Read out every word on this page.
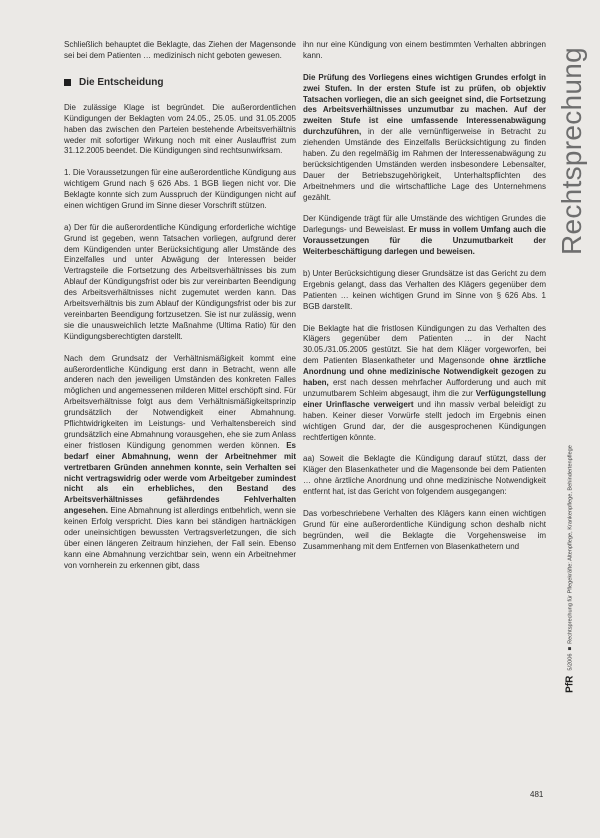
Schließlich behauptet die Beklagte, das Ziehen der Magensonde sei bei dem Patienten … medizinisch nicht geboten gewesen.

Die Entscheidung

Die zulässige Klage ist begründet. Die außerordentlichen Kündigungen der Beklagten vom 24.05., 25.05. und 31.05.2005 haben das zwischen den Parteien bestehende Arbeitsverhältnis weder mit sofortiger Wirkung noch mit einer Auslauffrist zum 31.12.2005 beendet. Die Kündigungen sind rechtsunwirksam.

1. Die Voraussetzungen für eine außerordentliche Kündigung aus wichtigem Grund nach § 626 Abs. 1 BGB liegen nicht vor. Die Beklagte konnte sich zum Ausspruch der Kündigungen nicht auf einen wichtigen Grund im Sinne dieser Vorschrift stützen.

a) Der für die außerordentliche Kündigung erforderliche wichtige Grund ist gegeben, wenn Tatsachen vorliegen, aufgrund derer dem Kündigenden unter Berücksichtigung aller Umstände des Einzelfalles und unter Abwägung der Interessen beider Vertragsteile die Fortsetzung des Arbeitsverhältnisses bis zum Ablauf der Kündigungsfrist oder bis zur vereinbarten Beendigung des Arbeitsverhältnisses nicht zugemutet werden kann. Das Arbeitsverhältnis bis zum Ablauf der Kündigungsfrist oder bis zur vereinbarten Beendigung fortzusetzen. Sie ist nur zulässig, wenn sie die unausweichlich letzte Maßnahme (Ultima Ratio) für den Kündigungsberechtigten darstellt.

Nach dem Grundsatz der Verhältnismäßigkeit kommt eine außerordentliche Kündigung erst dann in Betracht, wenn alle anderen nach den jeweiligen Umständen des konkreten Falles möglichen und angemessenen milderen Mittel erschöpft sind. Für Arbeitsverhältnisse folgt aus dem Verhältnismäßigkeitsprinzip grundsätzlich der Notwendigkeit einer Abmahnung. Pflichtwidrigkeiten im Leistungs- und Verhaltensbereich sind grundsätzlich eine Abmahnung vorausgehen, ehe sie zum Anlass einer fristlosen Kündigung genommen werden können. Es bedarf einer Abmahnung, wenn der Arbeitnehmer mit vertretbaren Gründen annehmen konnte, sein Verhalten sei nicht vertragswidrig oder werde vom Arbeitgeber zumindest nicht als ein erhebliches, den Bestand des Arbeitsverhältnisses gefährdendes Fehlverhalten angesehen. Eine Abmahnung ist allerdings entbehrlich, wenn sie keinen Erfolg verspricht. Dies kann bei ständigen hartnäckigen oder uneinsichtigen bewussten Vertragsverletzungen, die sich über einen längeren Zeitraum hinziehen, der Fall sein. Ebenso kann eine Abmahnung verzichtbar sein, wenn ein Arbeitnehmer von vornherein zu erkennen gibt, dass

ihn nur eine Kündigung von einem bestimmten Verhalten abbringen kann.

Die Prüfung des Vorliegens eines wichtigen Grundes erfolgt in zwei Stufen. In der ersten Stufe ist zu prüfen, ob objektiv Tatsachen vorliegen, die an sich geeignet sind, die Fortsetzung des Arbeitsverhältnisses unzumutbar zu machen. Auf der zweiten Stufe ist eine umfassende Interessenabwägung durchzuführen, in der alle vernünftigerweise in Betracht zu ziehenden Umstände des Einzelfalls Berücksichtigung zu finden haben. Zu den regelmäßig im Rahmen der Interessenabwägung zu berücksichtigenden Umständen werden insbesondere Lebensalter, Dauer der Betriebszugehörigkeit, Unterhaltspflichten des Arbeitnehmers und die wirtschaftliche Lage des Unternehmens gezählt.

Der Kündigende trägt für alle Umstände des wichtigen Grundes die Darlegungs- und Beweislast. Er muss in vollem Umfang auch die Voraussetzungen für die Unzumutbarkeit der Weiterbeschäftigung darlegen und beweisen.

b) Unter Berücksichtigung dieser Grundsätze ist das Gericht zu dem Ergebnis gelangt, dass das Verhalten des Klägers gegenüber dem Patienten … keinen wichtigen Grund im Sinne von § 626 Abs. 1 BGB darstellt.

Die Beklagte hat die fristlosen Kündigungen zu das Verhalten des Klägers gegenüber dem Patienten … in der Nacht 30.05./31.05.2005 gestützt. Sie hat dem Kläger vorgeworfen, bei dem Patienten Blasenkatheter und Magensonde ohne ärztliche Anordnung und ohne medizinische Notwendigkeit gezogen zu haben, erst nach dessen mehrfacher Aufforderung und auch mit unzumutbarem Schleim abgesaugt, ihm die zur Verfügungstellung einer Urinflasche verweigert und ihn massiv verbal beleidigt zu haben. Keiner dieser Vorwürfe stellt jedoch im Ergebnis einen wichtigen Grund dar, der die ausgesprochenen Kündigungen rechtfertigen könnte.

aa) Soweit die Beklagte die Kündigung darauf stützt, dass der Kläger den Blasenkatheter und die Magensonde bei dem Patienten … ohne ärztliche Anordnung und ohne medizinische Notwendigkeit entfernt hat, ist das Gericht von folgendem ausgegangen:

Das vorbeschriebene Verhalten des Klägers kann einen wichtigen Grund für eine außerordentliche Kündigung schon deshalb nicht begründen, weil die Beklagte die Vorgehensweise im Zusammenhang mit dem Entfernen von Blasenkathetern und

Rechtsprechung
PfR
5/2006
■
Rechtsprechung für Pflegekräfte: Altenpflege, Krankenpflege, Behindertenpflege
481
